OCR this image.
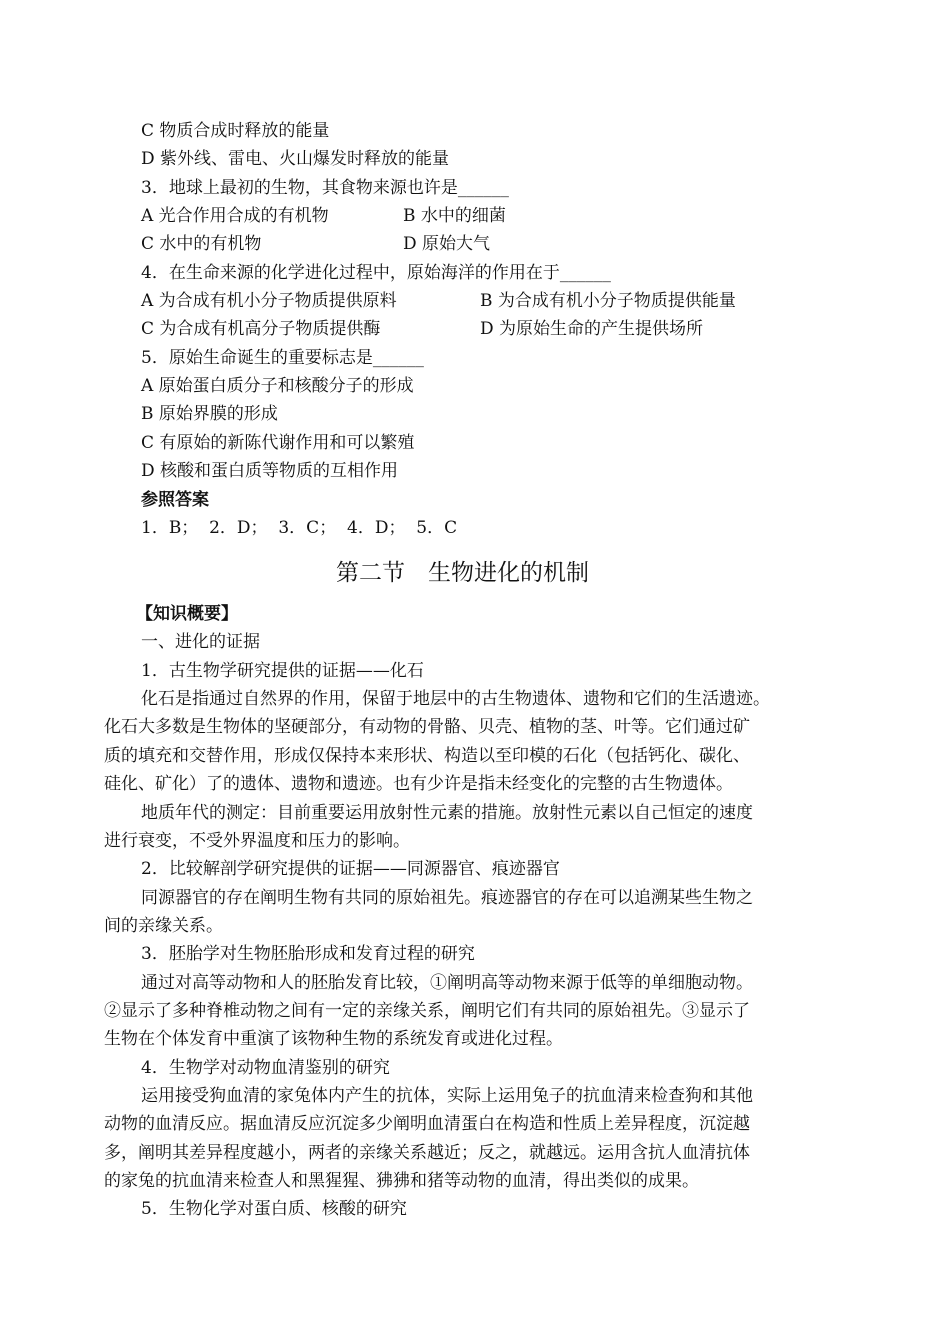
C 物质合成时释放的能量
D 紫外线、雷电、火山爆发时释放的能量
3．地球上最初的生物，其食物来源也许是______
A 光合作用合成的有机物	B 水中的细菌
C 水中的有机物	D 原始大气
4．在生命来源的化学进化过程中，原始海洋的作用在于______
A 为合成有机小分子物质提供原料	B 为合成有机小分子物质提供能量
C 为合成有机高分子物质提供酶	D 为原始生命的产生提供场所
5．原始生命诞生的重要标志是______
A 原始蛋白质分子和核酸分子的形成
B 原始界膜的形成
C 有原始的新陈代谢作用和可以繁殖
D 核酸和蛋白质等物质的互相作用
参照答案
1．B；  2．D；  3．C；  4．D；  5．C
第二节　生物进化的机制
【知识概要】
一、进化的证据
1．古生物学研究提供的证据——化石
化石是指通过自然界的作用，保留于地层中的古生物遗体、遗物和它们的生活遗迹。
化石大多数是生物体的坚硬部分，有动物的骨骼、贝壳、植物的茎、叶等。它们通过矿
质的填充和交替作用，形成仅保持本来形状、构造以至印模的石化（包括钙化、碳化、
硅化、矿化）了的遗体、遗物和遗迹。也有少许是指未经变化的完整的古生物遗体。
地质年代的测定：目前重要运用放射性元素的措施。放射性元素以自己恒定的速度
进行衰变，不受外界温度和压力的影响。
2．比较解剖学研究提供的证据——同源器官、痕迹器官
同源器官的存在阐明生物有共同的原始祖先。痕迹器官的存在可以追溯某些生物之
间的亲缘关系。
3．胚胎学对生物胚胎形成和发育过程的研究
通过对高等动物和人的胚胎发育比较，①阐明高等动物来源于低等的单细胞动物。
②显示了多种脊椎动物之间有一定的亲缘关系，阐明它们有共同的原始祖先。③显示了
生物在个体发育中重演了该物种生物的系统发育或进化过程。
4．生物学对动物血清鉴别的研究
运用接受狗血清的家兔体内产生的抗体，实际上运用兔子的抗血清来检查狗和其他
动物的血清反应。据血清反应沉淀多少阐明血清蛋白在构造和性质上差异程度，沉淀越
多，阐明其差异程度越小，两者的亲缘关系越近；反之，就越远。运用含抗人血清抗体
的家兔的抗血清来检查人和黑猩猩、狒狒和猪等动物的血清，得出类似的成果。
5．生物化学对蛋白质、核酸的研究
